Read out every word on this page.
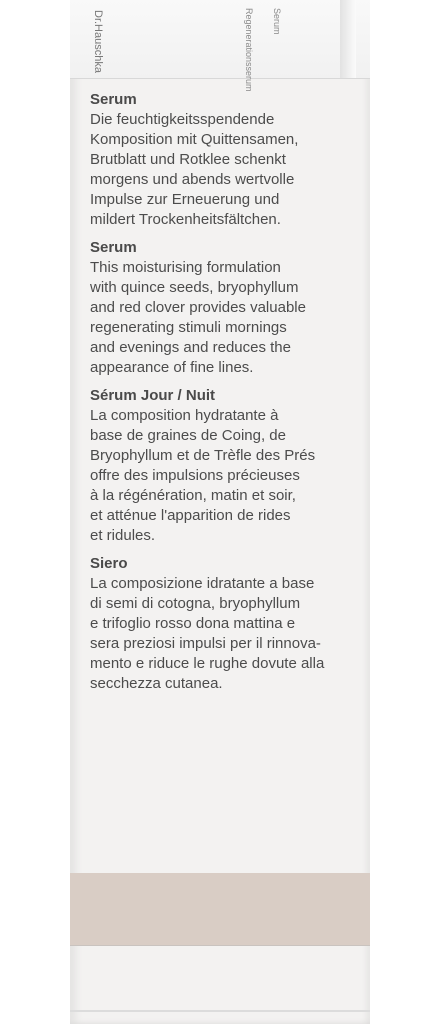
Dr.Hauschka	Regenerationsserum Serum
Serum

Die feuchtigkeitsspendende
Komposition mit Quittensamen,
Brutblatt und Rotklee schenkt
morgens und abends wertvolle
Impulse zur Erneuerung und
mildert Trockenheitsfältchen.

Serum

This moisturising formulation
with quince seeds, bryophyllum
and red clover provides valuable
regenerating stimuli mornings
and evenings and reduces the
appearance of fine lines.

Sérum Jour / Nuit

La composition hydratante à
base de graines de Coing, de
Bryophyllum et de Trèfle des Prés
offre des impulsions précieuses
à la régénération, matin et soir,
et atténue l'apparition de rides
et ridules.

Siero

La composizione idratante a base
di semi di cotogna, bryophyllum
e trifoglio rosso dona mattina e
sera preziosi impulsi per il rinnova-
mento e riduce le rughe dovute alla
secchezza cutanea.
